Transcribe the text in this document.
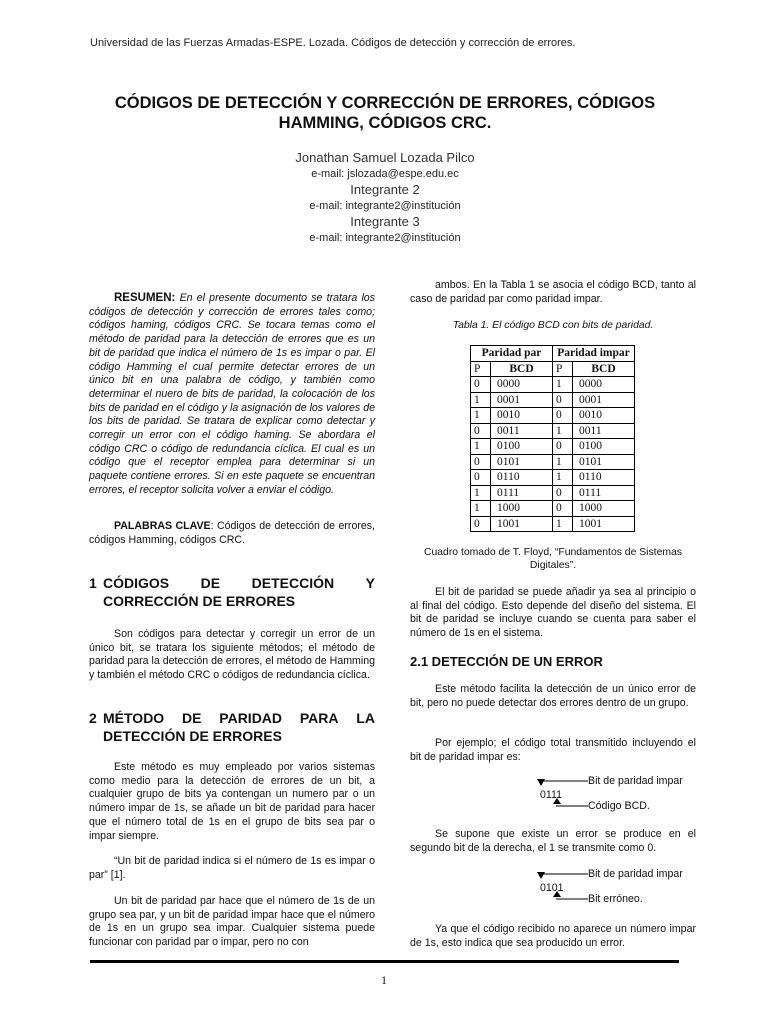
Universidad de las Fuerzas Armadas-ESPE. Lozada. Códigos de detección y corrección de errores.
CÓDIGOS DE DETECCIÓN Y CORRECCIÓN DE ERRORES, CÓDIGOS
HAMMING, CÓDIGOS CRC.
Jonathan Samuel Lozada Pilco
e-mail: jslozada@espe.edu.ec
Integrante 2
e-mail: integrante2@institución
Integrante 3
e-mail: integrante2@institución
RESUMEN: En el presente documento se tratara los códigos de detección y corrección de errores tales como; códigos haming, códigos CRC. Se tocara temas como el método de paridad para la detección de errores que es un bit de paridad que indica el número de 1s es impar o par. El código Hamming el cual permite detectar errores de un único bit en una palabra de código, y también como determinar el nuero de bits de paridad, la colocación de los bits de paridad en el código y la asignación de los valores de los bits de paridad. Se tratara de explicar como detectar y corregir un error con el código haming. Se abordara el código CRC o código de redundancia cíclica. El cual es un código que el receptor emplea para determinar si un paquete contiene errores. Si en este paquete se encuentran errores, el receptor solicita volver a enviar el código.
PALABRAS CLAVE: Códigos de detección de errores, códigos Hamming, códigos CRC.
1 CÓDIGOS DE DETECCIÓN Y
CORRECCIÓN DE ERRORES
Son códigos para detectar y corregir un error de un único bit, se tratara los siguiente métodos; el método de paridad para la detección de errores, el método de Hamming y también el método CRC o códigos de redundancia cíclica.
2 MÉTODO DE PARIDAD PARA LA
DETECCIÓN DE ERRORES
Este método es muy empleado por varios sistemas como medio para la detección de errores de un bit, a cualquier grupo de bits ya contengan un numero par o un número impar de 1s, se añade un bit de paridad para hacer que el número total de 1s en el grupo de bits sea par o impar siempre.
“Un bit de paridad indica si el número de 1s es impar o par” [1].
Un bit de paridad par hace que el número de 1s de un grupo sea par, y un bit de paridad impar hace que el número de 1s en un grupo sea impar. Cualquier sistema puede funcionar con paridad par o impar, pero no con
ambos. En la Tabla 1 se asocia el código BCD, tanto al caso de paridad par como paridad impar.
Tabla 1. El código BCD con bits de paridad.
Paridad par		Paridad impar	
P	BCD	P	BCD
0	0000	1	0000
1	0001	0	0001
1	0010	0	0010
0	0011	1	0011
1	0100	0	0100
0	0101	1	0101
0	0110	1	0110
1	0111	0	0111
1	1000	0	1000
0	1001	1	1001
Cuadro tomado de T. Floyd, “Fundamentos de Sistemas Digitales”.
El bit de paridad se puede añadir ya sea al principio o al final del código. Esto depende del diseño del sistema. El bit de paridad se incluye cuando se cuenta para saber el número de 1s en el sistema.
2.1 DETECCIÓN DE UN ERROR
Este método facilita la detección de un único error de bit, pero no puede detectar dos errores dentro de un grupo.
Por ejemplo; el código total transmitido incluyendo el bit de paridad impar es:
0111
Bit de paridad impar
Código BCD.
Se supone que existe un error se produce en el segundo bit de la derecha, el 1 se transmite como 0.
0101
Bit de paridad impar
Bit erróneo.
Ya que el código recibido no aparece un número impar de 1s, esto indica que sea producido un error.
1
